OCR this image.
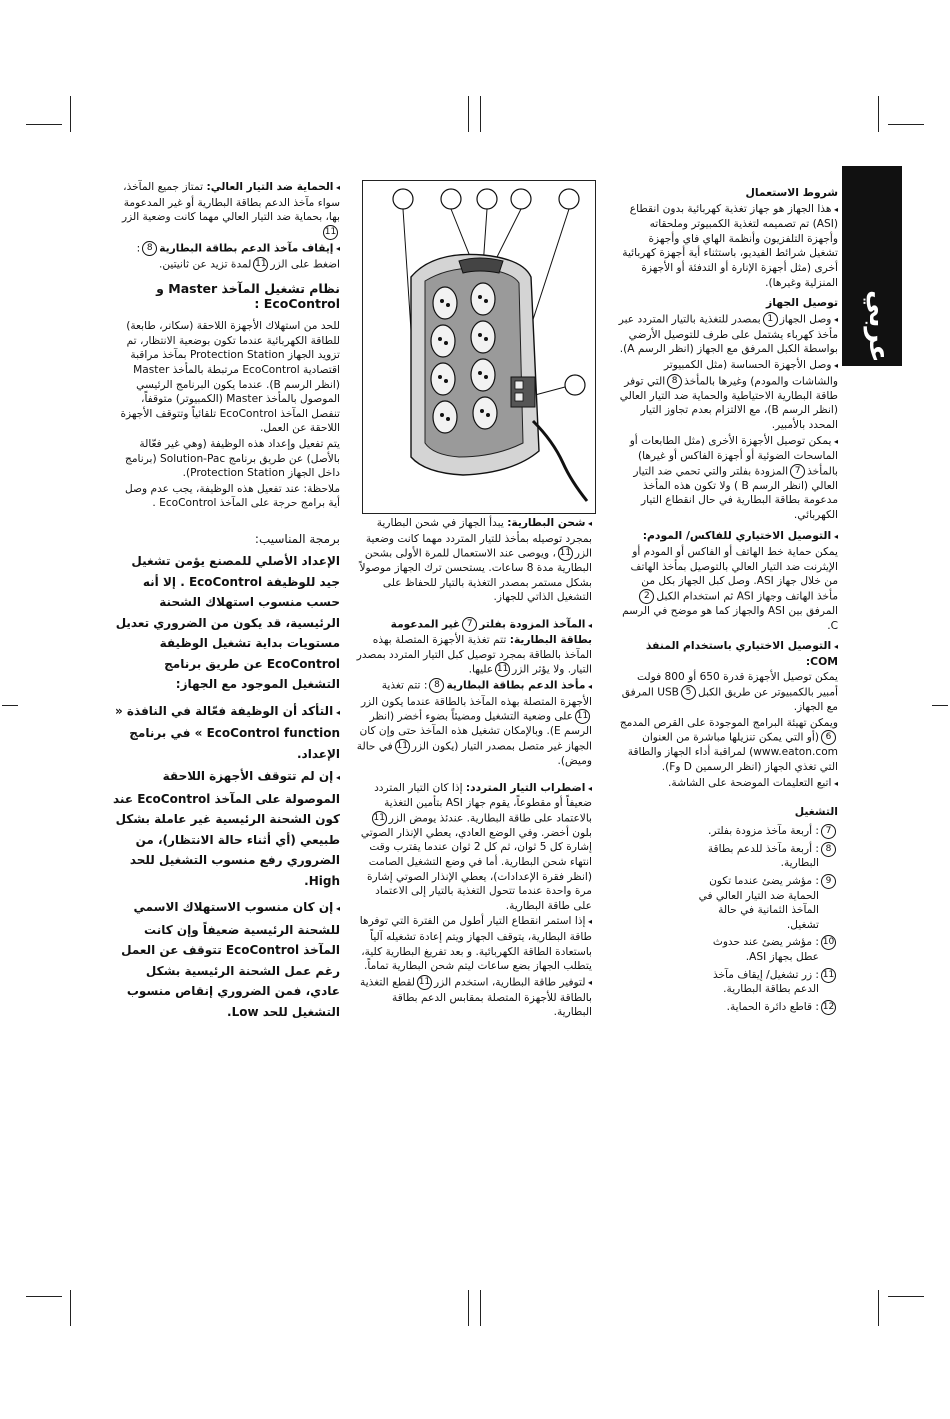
عربي
شروط الاستعمال

◂ هذا الجهاز هو جهاز تغذية كهربائية بدون انقطاع (ASI) تم تصميمه لتغذية الكمبيوتر وملحقاته وأجهزة التلفزيون وأنظمة الهاي فاي وأجهزة تشغيل شرائط الفيديو، باستثناء أية أجهزة كهربائية أخرى (مثل أجهزة الإنارة أو التدفئة أو الأجهزة المنزلية وغيرها).

توصيل الجهاز

◂ وصل الجهاز1بمصدر للتغذية بالتيار المتردد عبر مأخذ كهرباء يشتمل على طرف للتوصيل الأرضي بواسطة الكبل المرفق مع الجهاز (انظر الرسم A).

◂ وصل الأجهزة الحساسة (مثل الكمبيوتر والشاشات والمودم) وغيرها بالمأخذ8التي توفر طاقة البطارية الاحتياطية والحماية ضد التيار العالي (انظر الرسم B)، مع الالتزام بعدم تجاوز التيار المحدد بالأمبير.

◂ يمكن توصيل الأجهزة الأخرى (مثل الطابعات أو الماسحات الضوئية أو أجهزة الفاكس أو غيرها) بالمأخذ7المزودة بفلتر والتي تحمي ضد التيار العالي (انظر الرسم B ) ولا تكون هذه المأخذ مدعومة بطاقة البطارية في حال انقطاع التيار الكهربائي.

◂ التوصيل الاختياري للفاكس/ المودم:

يمكن حماية خط الهاتف أو الفاكس أو المودم أو الإيثرنت ضد التيار العالي بالتوصيل بمأخذ الهاتف من خلال جهاز ASI. وصل كبل الجهاز بكل من مأخذ الهاتف وجهاز ASI ثم استخدام الكبل2المرفق بين ASI والجهاز كما هو موضح في الرسم C.

◂ التوصيل الاختياري باستخدام المنفذ COM:

يمكن توصيل الأجهزة قدرة 650 أو 800 فولت أمبير بالكمبيوتر عن طريق الكبل5USB المرفق مع الجهاز.

ويمكن تهيئة البرامج الموجودة على القرص المدمج6(أو التي يمكن تنزيلها مباشرة من العنوان www.eaton.com) لمراقبة أداء الجهاز والطاقة التي تغذي الجهاز (انظر الرسمين D وF).

◂ اتبع التعليمات الموضحة على الشاشة.

التشغيل
7
: أربعة مآخذ مزودة بفلتر.
8
: أربعة مآخذ للدعم بطاقة البطارية.
9
: مؤشر يضئ عندما تكون الحماية ضد التيار العالي في المآخذ الثمانية في حالة تشغيل.
10
: مؤشر يضئ عند حدوث عطل بجهاز ASI.
11
: زر تشغيل/ إيقاف مآخذ الدعم بطاقة البطارية.
12
: قاطع دائرة الحماية.

◂ شحن البطارية: يبدأ الجهاز في شحن البطارية بمجرد توصيله بمأخذ للتيار المتردد مهما كانت وضعية الزر11، ويوصى عند الاستعمال للمرة الأولى بشحن البطارية مدة 8 ساعات. يستحسن ترك الجهاز موصولاً بشكل مستمر بمصدر التغذية بالتيار للحفاظ على التشغيل الذاتي للجهاز.

◂ المآخذ المزودة بفلتر7غير المدعومة بطاقة البطارية: تتم تغذية الأجهزة المتصلة بهذه المآخذ بالطاقة بمجرد توصيل كبل التيار المتردد بمصدر التيار. ولا يؤثر الزر11عليها.

◂ مأخذ الدعم بطاقة البطارية8: تتم تغذية الأجهزة المتصلة بهذه المآخذ بالطاقة عندما يكون الزر11على وضعية التشغيل ومضيئاً بضوء أخضر (انظر الرسم E). وبالإمكان تشغيل هذه المآخذ حتى وإن كان الجهاز غير متصل بمصدر التيار (يكون الزر11في حالة وميض).

◂ اضطراب التيار المتردد: إذا كان التيار المتردد ضعيفاً أو مقطوعاً، يقوم جهاز ASI بتأمين التغذية بالاعتماد على طاقة البطارية. عندئذ يومض الزر11بلون أخضر. وفي الوضع العادي، يعطي الإنذار الصوتي إشارة كل 5 ثوان، ثم كل 2 ثوان عندما يقترب وقت انتهاء شحن البطارية. أما في وضع التشغيل الصامت (انظر فقرة الإعدادات)، يعطي الإنذار الصوتي إشارة مرة واحدة عندما تتحول التغذية بالتيار إلى الاعتماد على طاقة البطارية.

◂ إذا استمر انقطاع التيار أطول من الفترة التي توفرها طاقة البطارية، يتوقف الجهاز ويتم إعادة تشغيله آلياً باستعادة الطاقة الكهربائية. و بعد تفريغ البطارية كلية، يتطلب الجهاز بضع ساعات ليتم شحن البطارية تماماً.

◂ لتوفير طاقة البطارية، استخدم الزر11لقطع التغذية بالطاقة للأجهزة المتصلة بمقابس الدعم بطاقة البطارية.

◂ الحماية ضد التيار العالي: تمتاز جميع المآخذ، سواء مآخذ الدعم بطاقة البطارية أو غير المدعومة بها، بحماية ضد التيار العالي مهما كانت وضعية الزر11

◂ إيقاف مآخذ الدعم بطاقة البطارية8: اضغط على الزر11لمدة تزيد عن ثانيتين.

نظام تشغيل المآخذ Master و EcoControl :

للحد من استهلاك الأجهزة اللاحقة (سكانر، طابعة) للطاقة الكهربائية عندما تكون بوضعية الانتظار، تم تزويد الجهاز Protection Station بمآخذ مراقبة اقتصادية EcoControl مرتبطة بالمأخذ Master (انظر الرسم B). عندما يكون البرنامج الرئيسي الموصول بالمأخذ Master (الكمبيوتر) متوقفاً، تنفصل المآخذ EcoControl تلقائياً وتتوقف الأجهزة اللاحقة عن العمل.

يتم تفعيل وإعداد هذه الوظيفة (وهي غير فعّالة بالأصل) عن طريق برنامج Solution-Pac (برنامج داخل الجهاز Protection Station).

ملاحظة: عند تفعيل هذه الوظيفة، يجب عدم وصل أية برامج حرجة على المآخذ EcoControl .

برمجة المناسيب:

الإعداد الأصلي للمصنع يؤمن تشغيل جيد للوظيفة EcoControl . إلا أنه حسب منسوب استهلاك الشحنة الرئيسية، قد يكون من الضروري تعديل مستويات بداية تشغيل الوظيفة EcoControl عن طريق برنامج التشغيل الموجود مع الجهاز:

◂ التأكد أن الوظيفة فعّالة في النافذة « EcoControl function » في برنامج الإعداد.

◂ إن لم تتوقف الأجهزة اللاحقة الموصولة على المآخذ EcoControl عند كون الشحنة الرئيسية غير عاملة بشكل طبيعي (أي أثناء حالة الانتظار)، من الضروري رفع منسوب التشغيل للحد High.

◂ إن كان منسوب الاستهلاك الاسمي للشحنة الرئيسية ضعيفاً وإن كانت المآخذ EcoControl تتوقف عن العمل رغم عمل الشحنة الرئيسية بشكل عادي، فمن الضروري إنقاص منسوب التشغيل للحد Low.
